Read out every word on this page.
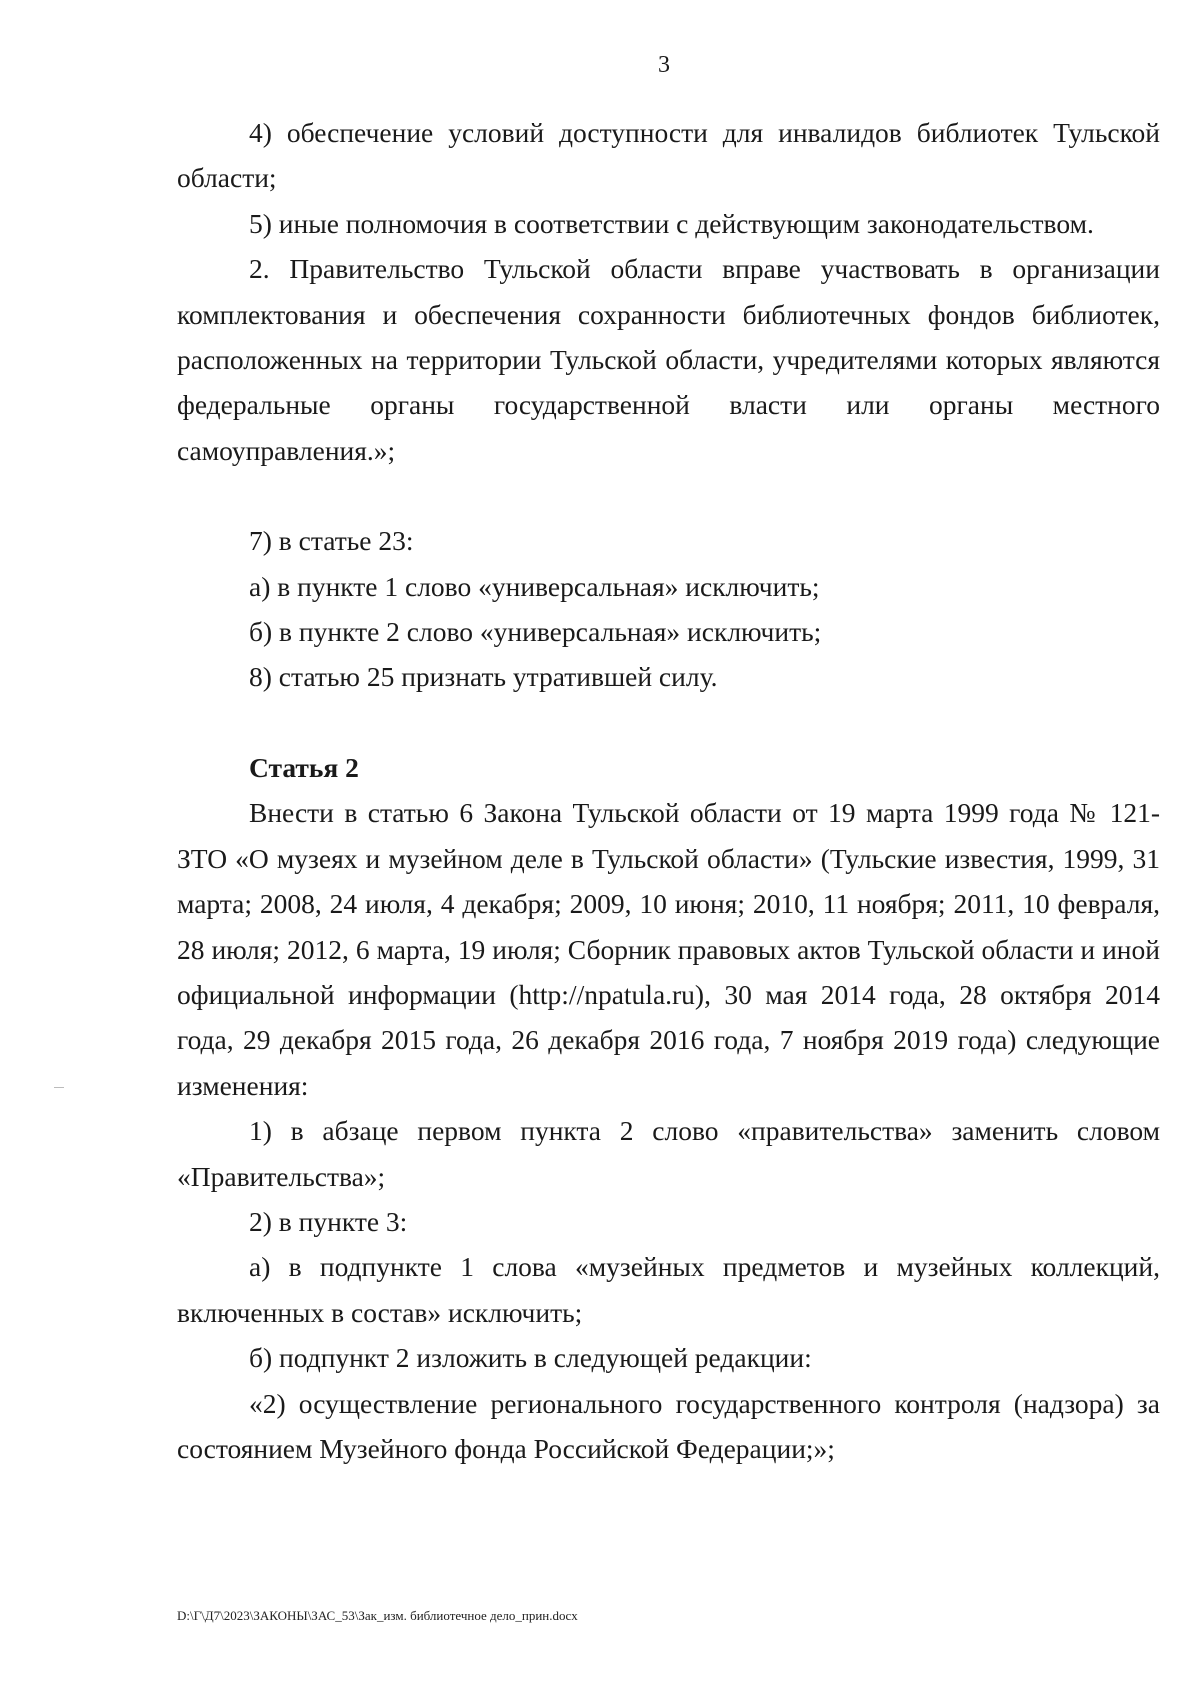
3

4) обеспечение условий доступности для инвалидов библиотек Тульской области;

5) иные полномочия в соответствии с действующим законодательством.

2. Правительство Тульской области вправе участвовать в организации комплектования и обеспечения сохранности библиотечных фондов библиотек, расположенных на территории Тульской области, учредителями которых являются федеральные органы государственной власти или органы местного самоуправления.»;

7) в статье 23:

а) в пункте 1 слово «универсальная» исключить;

б) в пункте 2 слово «универсальная» исключить;

8) статью 25 признать утратившей силу.

Статья 2

Внести в статью 6 Закона Тульской области от 19 марта 1999 года № 121-ЗТО «О музеях и музейном деле в Тульской области» (Тульские известия, 1999, 31 марта; 2008, 24 июля, 4 декабря; 2009, 10 июня; 2010, 11 ноября; 2011, 10 февраля, 28 июля; 2012, 6 марта, 19 июля; Сборник правовых актов Тульской области и иной официальной информации (http://npatula.ru), 30 мая 2014 года, 28 октября 2014 года, 29 декабря 2015 года, 26 декабря 2016 года, 7 ноября 2019 года) следующие изменения:

1) в абзаце первом пункта 2 слово «правительства» заменить словом «Правительства»;

2) в пункте 3:

а) в подпункте 1 слова «музейных предметов и музейных коллекций, включенных в состав» исключить;

б) подпункт 2 изложить в следующей редакции:

«2) осуществление регионального государственного контроля (надзора) за состоянием Музейного фонда Российской Федерации;»;

D:\Г\Д7\2023\ЗАКОНЫ\ЗАС_53\Зак_изм. библиотечное дело_прин.docx
